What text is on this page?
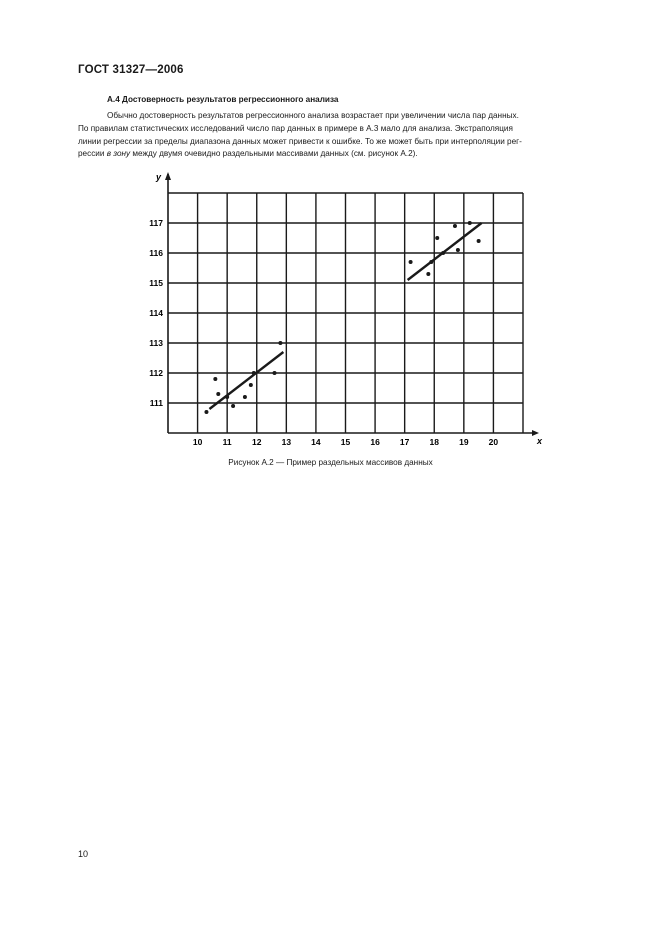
ГОСТ 31327—2006
А.4 Достоверность результатов регрессионного анализа
Обычно достоверность результатов регрессионного анализа возрастает при увеличении числа пар данных.
По правилам статистических исследований число пар данных в примере в А.3 мало для анализа. Экстраполяция
линии регрессии за пределы диапазона данных может привести к ошибке. То же может быть при интерполяции рег-
рессии в зону между двумя очевидно раздельными массивами данных (см. рисунок А.2).
x
y
10 11 12 13 14 15 16 17 18 19 20
111
112
113
114
115
116
117
Рисунок А.2 — Пример раздельных массивов данных
10
